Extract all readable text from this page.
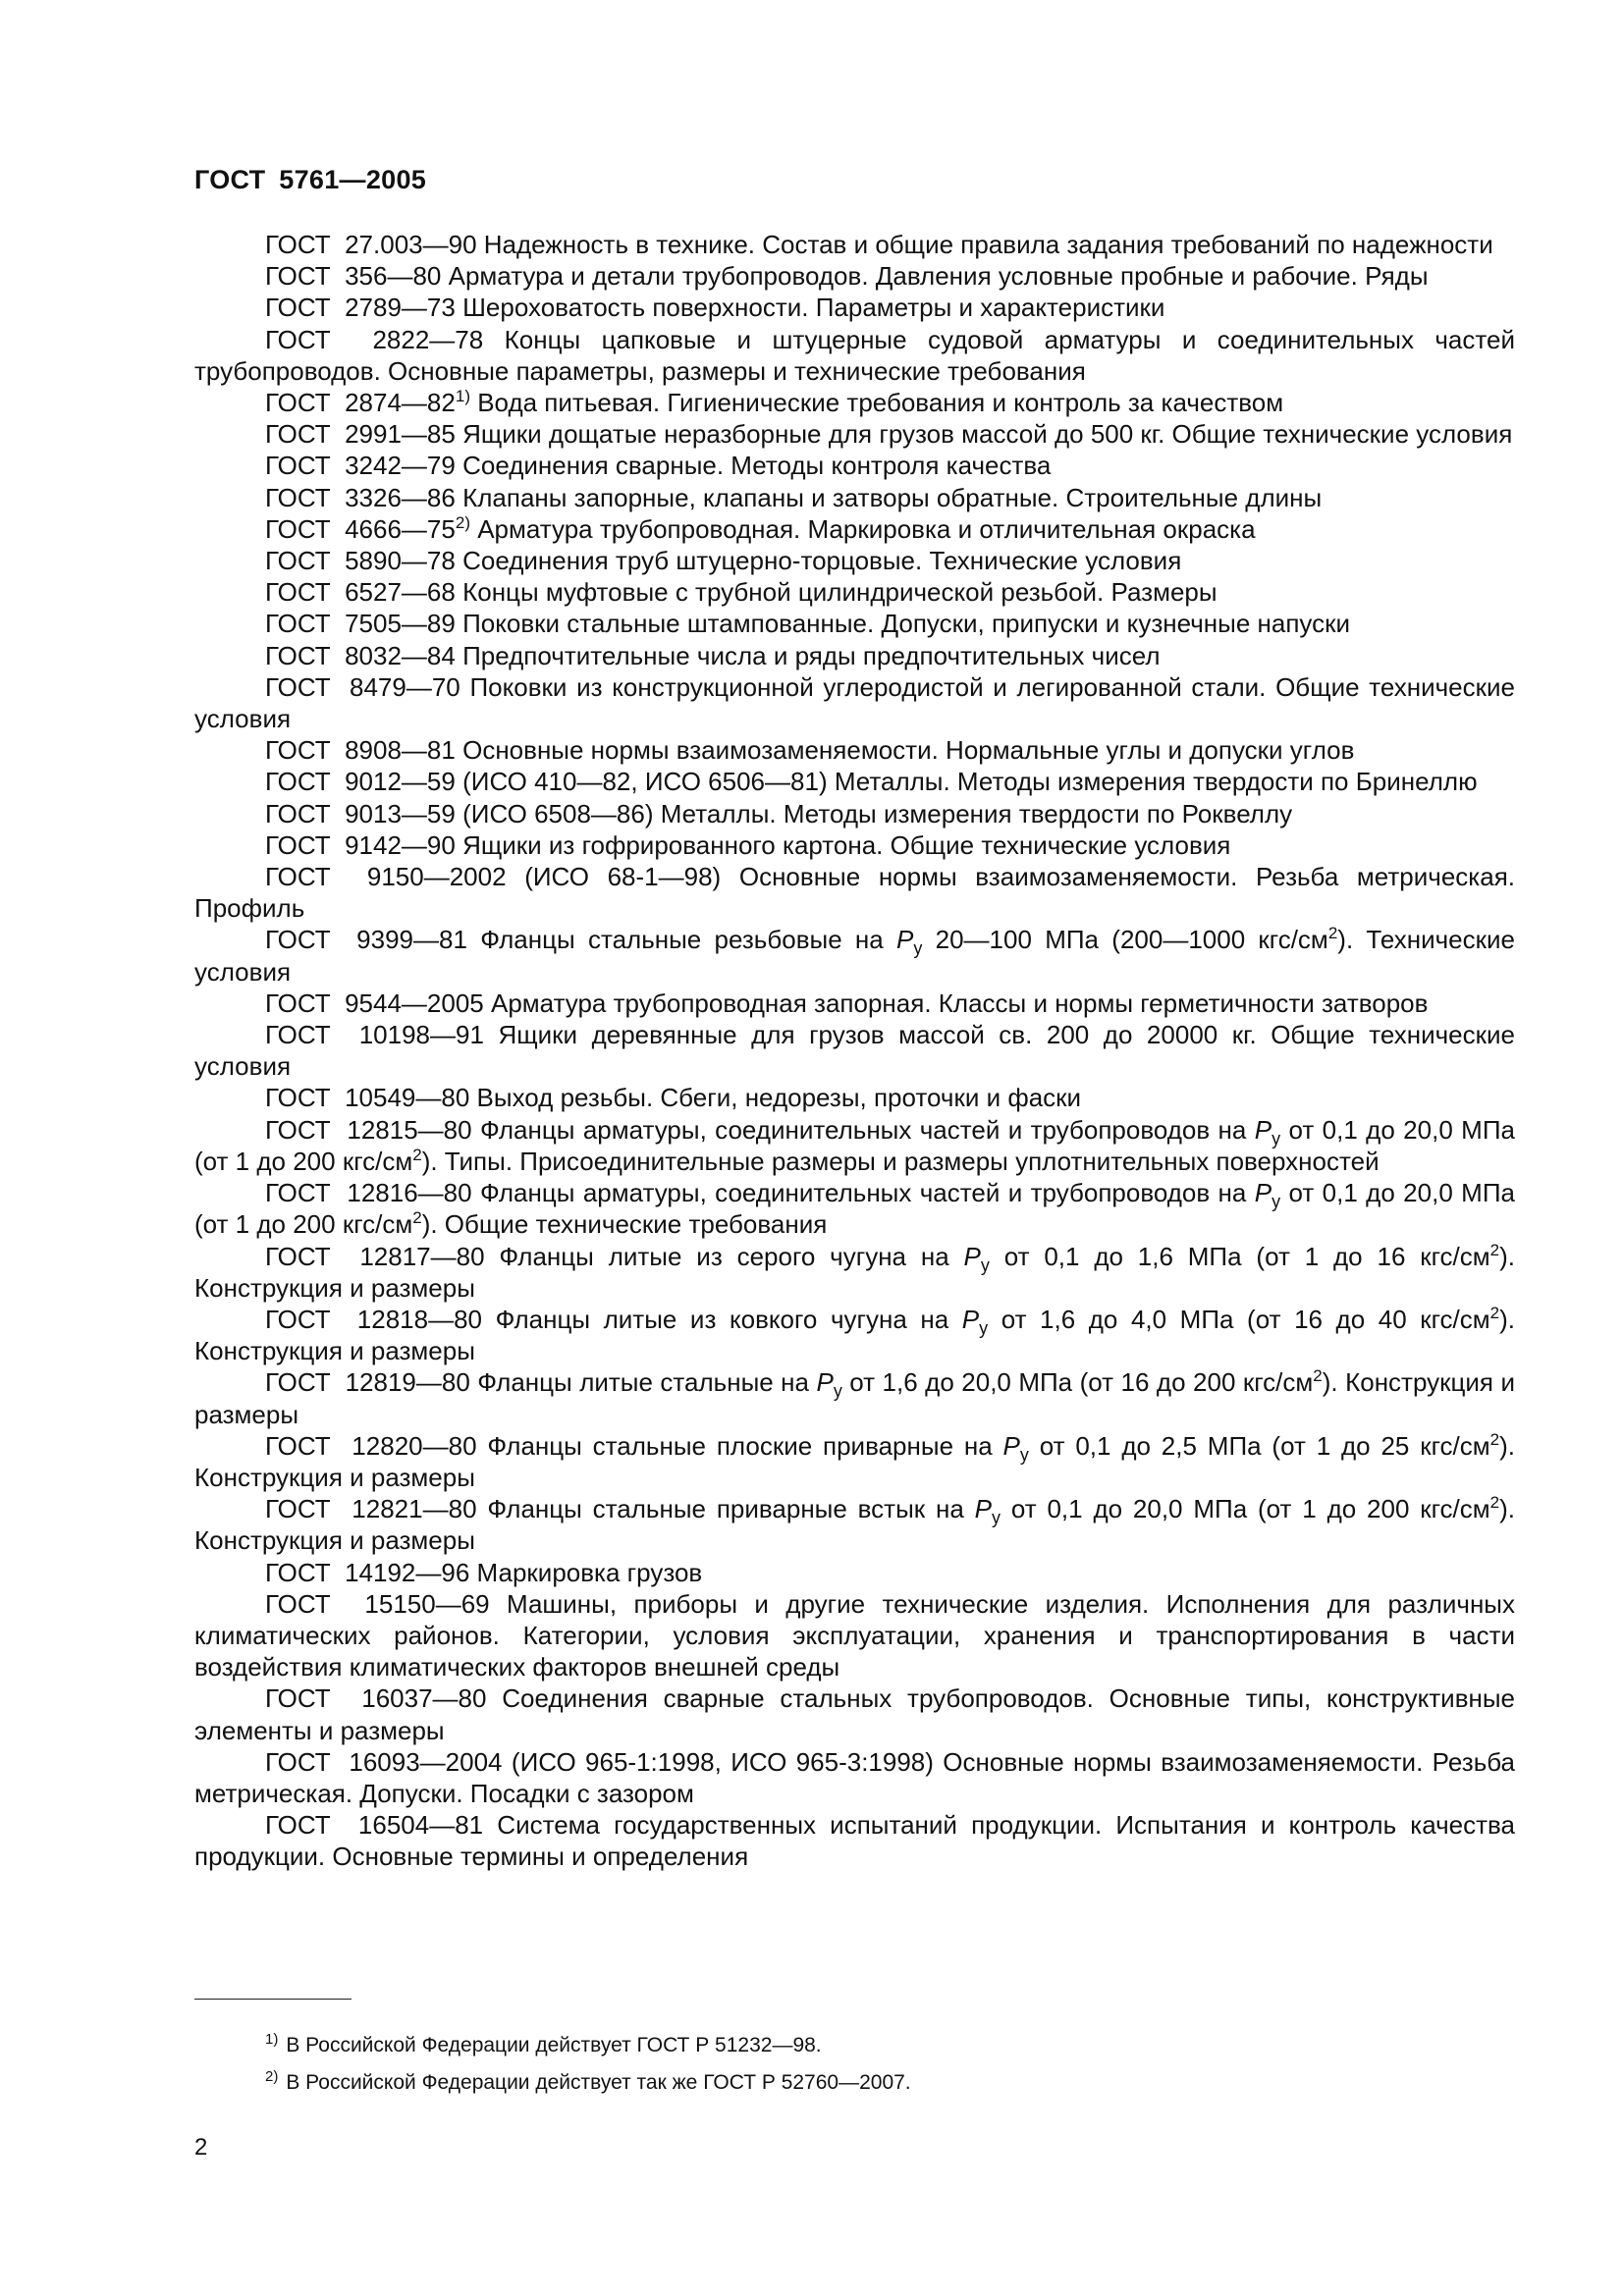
ГОСТ 5761—2005

ГОСТ  27.003—90 Надежность в технике. Состав и общие правила задания требований по надежности

ГОСТ  356—80 Арматура и детали трубопроводов. Давления условные пробные и рабочие. Ряды

ГОСТ  2789—73 Шероховатость поверхности. Параметры и характеристики

ГОСТ  2822—78 Концы цапковые и штуцерные судовой арматуры и соединительных частей трубопроводов. Основные параметры, размеры и технические требования

ГОСТ  2874—82$^{1)}$ Вода питьевая. Гигиенические требования и контроль за качеством

ГОСТ  2991—85 Ящики дощатые неразборные для грузов массой до 500 кг. Общие технические условия

ГОСТ  3242—79 Соединения сварные. Методы контроля качества

ГОСТ  3326—86 Клапаны запорные, клапаны и затворы обратные. Строительные длины

ГОСТ  4666—75$^{2)}$ Арматура трубопроводная. Маркировка и отличительная окраска

ГОСТ  5890—78 Соединения труб штуцерно-торцовые. Технические условия

ГОСТ  6527—68 Концы муфтовые с трубной цилиндрической резьбой. Размеры

ГОСТ  7505—89 Поковки стальные штампованные. Допуски, припуски и кузнечные напуски

ГОСТ  8032—84 Предпочтительные числа и ряды предпочтительных чисел

ГОСТ  8479—70 Поковки из конструкционной углеродистой и легированной стали. Общие технические условия

ГОСТ  8908—81 Основные нормы взаимозаменяемости. Нормальные углы и допуски углов

ГОСТ  9012—59 (ИСО 410—82, ИСО 6506—81) Металлы. Методы измерения твердости по Бринеллю

ГОСТ  9013—59 (ИСО 6508—86) Металлы. Методы измерения твердости по Роквеллу

ГОСТ  9142—90 Ящики из гофрированного картона. Общие технические условия

ГОСТ  9150—2002 (ИСО 68-1—98) Основные нормы взаимозаменяемости. Резьба метрическая. Профиль

ГОСТ  9399—81 Фланцы стальные резьбовые на $P_у$ 20—100 МПа (200—1000 кгс/$см^2$). Технические условия

ГОСТ  9544—2005 Арматура трубопроводная запорная. Классы и нормы герметичности затворов

ГОСТ  10198—91 Ящики деревянные для грузов массой св. 200 до 20000 кг. Общие технические условия

ГОСТ  10549—80 Выход резьбы. Сбеги, недорезы, проточки и фаски

ГОСТ  12815—80 Фланцы арматуры, соединительных частей и трубопроводов на $P_у$ от 0,1 до 20,0 МПа (от 1 до 200 кгс/$см^2$). Типы. Присоединительные размеры и размеры уплотнительных поверхностей

ГОСТ  12816—80 Фланцы арматуры, соединительных частей и трубопроводов на $P_у$ от 0,1 до 20,0 МПа (от 1 до 200 кгс/$см^2$). Общие технические требования

ГОСТ  12817—80 Фланцы литые из серого чугуна на $P_у$ от 0,1 до 1,6 МПа (от 1 до 16 кгс/$см^2$). Конструкция и размеры

ГОСТ  12818—80 Фланцы литые из ковкого чугуна на $P_у$ от 1,6 до 4,0 МПа (от 16 до 40 кгс/$см^2$). Конструкция и размеры

ГОСТ  12819—80 Фланцы литые стальные на $P_у$ от 1,6 до 20,0 МПа (от 16 до 200 кгс/$см^2$). Конструкция и размеры

ГОСТ  12820—80 Фланцы стальные плоские приварные на $P_у$ от 0,1 до 2,5 МПа (от 1 до 25 кгс/$см^2$). Конструкция и размеры

ГОСТ  12821—80 Фланцы стальные приварные встык на $P_у$ от 0,1 до 20,0 МПа (от 1 до 200 кгс/$см^2$). Конструкция и размеры

ГОСТ  14192—96 Маркировка грузов

ГОСТ  15150—69 Машины, приборы и другие технические изделия. Исполнения для различных климатических районов. Категории, условия эксплуатации, хранения и транспортирования в части воздействия климатических факторов внешней среды

ГОСТ  16037—80 Соединения сварные стальных трубопроводов. Основные типы, конструктивные элементы и размеры

ГОСТ  16093—2004 (ИСО 965-1:1998, ИСО 965-3:1998) Основные нормы взаимозаменяемости. Резьба метрическая. Допуски. Посадки с зазором

ГОСТ  16504—81 Система государственных испытаний продукции. Испытания и контроль качества продукции. Основные термины и определения

$^{1)}$ В Российской Федерации действует ГОСТ Р 51232—98.
$^{2)}$ В Российской Федерации действует так же ГОСТ Р 52760—2007.
2
